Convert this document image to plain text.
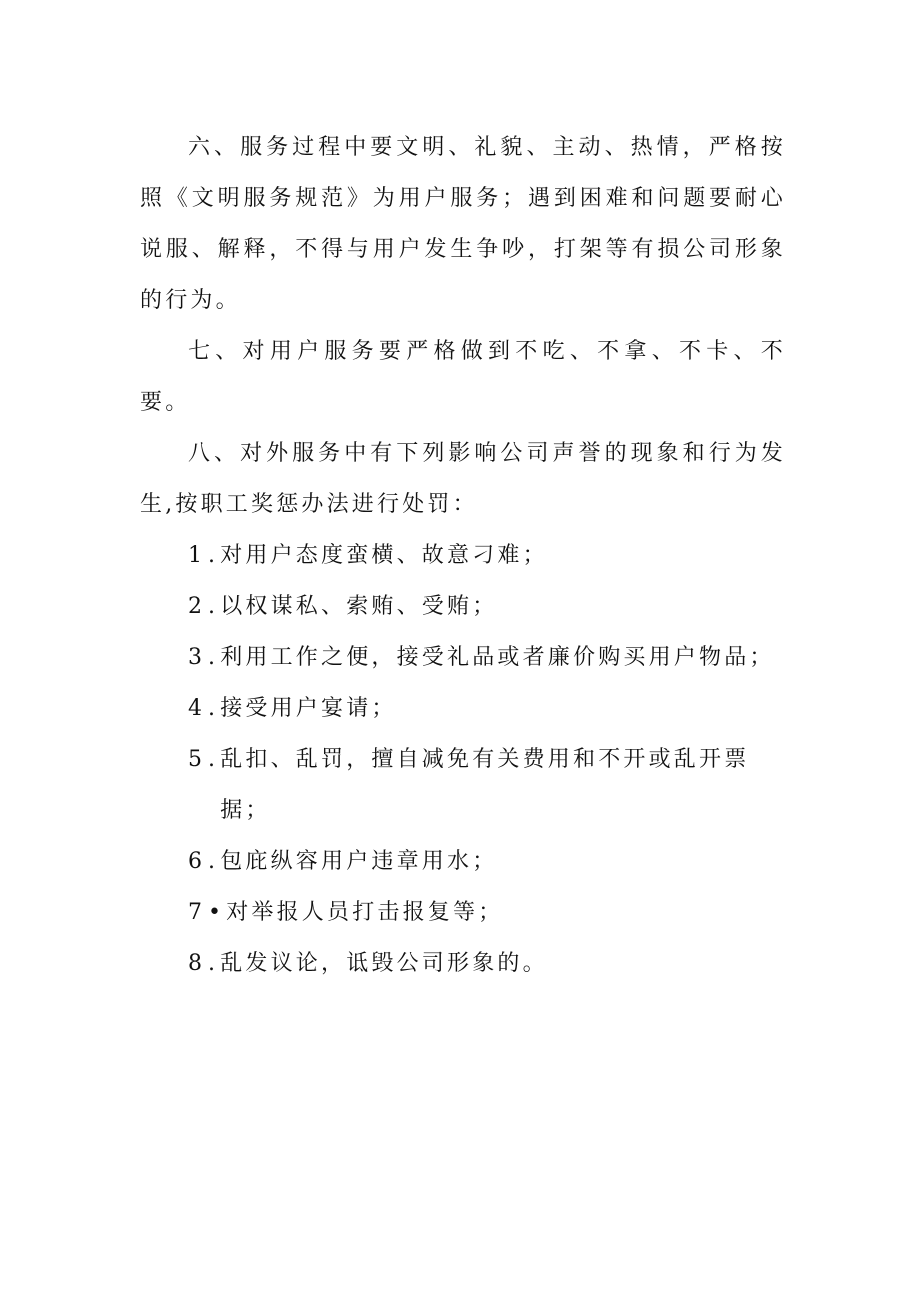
六、服务过程中要文明、礼貌、主动、热情，严格按照《文明服务规范》为用户服务；遇到困难和问题要耐心说服、解释，不得与用户发生争吵，打架等有损公司形象的行为。

七、对用户服务要严格做到不吃、不拿、不卡、不要。

八、对外服务中有下列影响公司声誉的现象和行为发生,按职工奖惩办法进行处罚：

1 . 对用户态度蛮横、故意刁难；
2 . 以权谋私、索贿、受贿；
3 . 利用工作之便，接受礼品或者廉价购买用户物品；
4 . 接受用户宴请；
5 . 乱扣、乱罚，擅自减免有关费用和不开或乱开票据；
6 . 包庇纵容用户违章用水；
7 • 对举报人员打击报复等；
8 . 乱发议论，诋毁公司形象的。
